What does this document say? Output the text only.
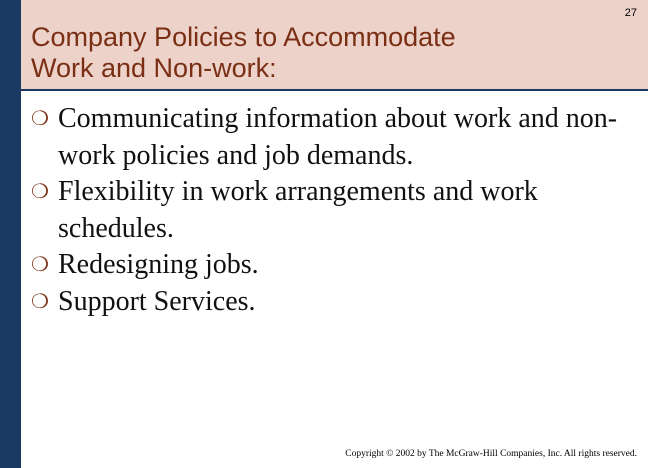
Company Policies to Accommodate
Work and Non-work:
27
❍ Communicating information about work and non-work policies and job demands.
❍ Flexibility in work arrangements and work schedules.
❍ Redesigning jobs.
❍ Support Services.
Copyright © 2002 by The McGraw-Hill Companies, Inc. All rights reserved.
